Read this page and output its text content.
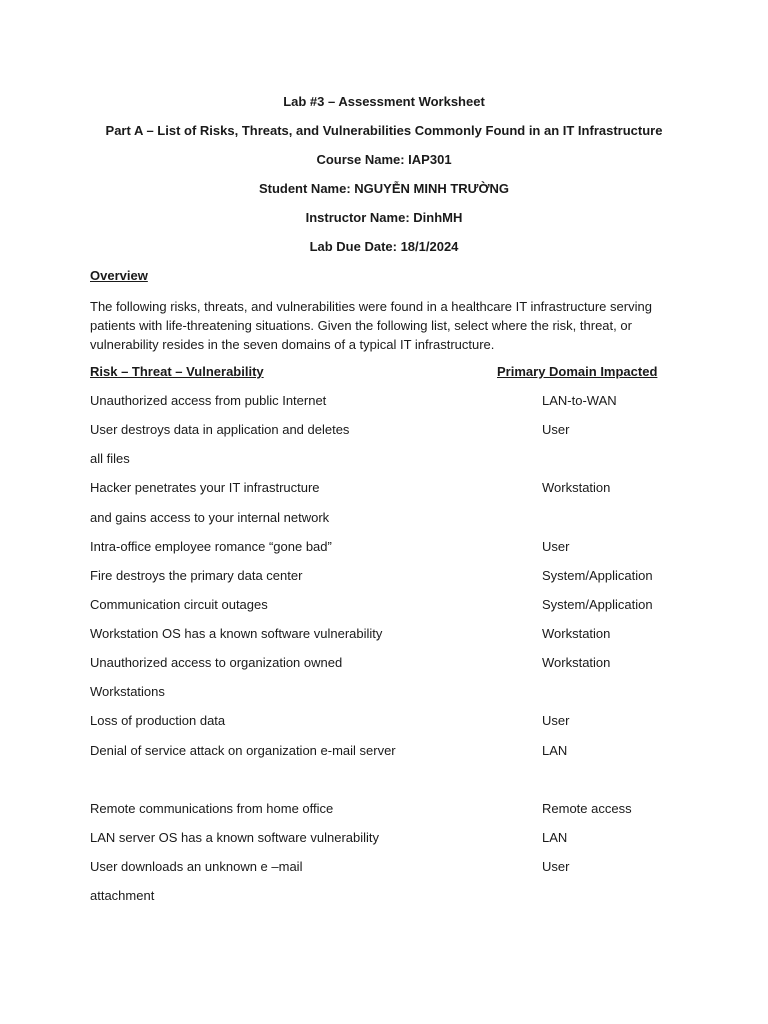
Lab #3 – Assessment Worksheet
Part A – List of Risks, Threats, and Vulnerabilities Commonly Found in an IT Infrastructure
Course Name: IAP301
Student Name: NGUYỄN MINH TRƯỜNG
Instructor Name: DinhMH
Lab Due Date: 18/1/2024
Overview
The following risks, threats, and vulnerabilities were found in a healthcare IT infrastructure serving
patients with life-threatening situations. Given the following list, select where the risk, threat, or
vulnerability resides in the seven domains of a typical IT infrastructure.
Risk – Threat – Vulnerability	Primary Domain Impacted
Unauthorized access from public Internet	LAN-to-WAN
User destroys data in application and deletes	User
all files
Hacker penetrates your IT infrastructure	Workstation
and gains access to your internal network
Intra-office employee romance “gone bad”	User
Fire destroys the primary data center	System/Application
Communication circuit outages	System/Application
Workstation OS has a known software vulnerability	Workstation
Unauthorized access to organization owned	Workstation
Workstations
Loss of production data	User
Denial of service attack on organization e-mail server	LAN
Remote communications from home office	Remote access
LAN server OS has a known software vulnerability	LAN
User downloads an unknown e –mail	User
attachment
